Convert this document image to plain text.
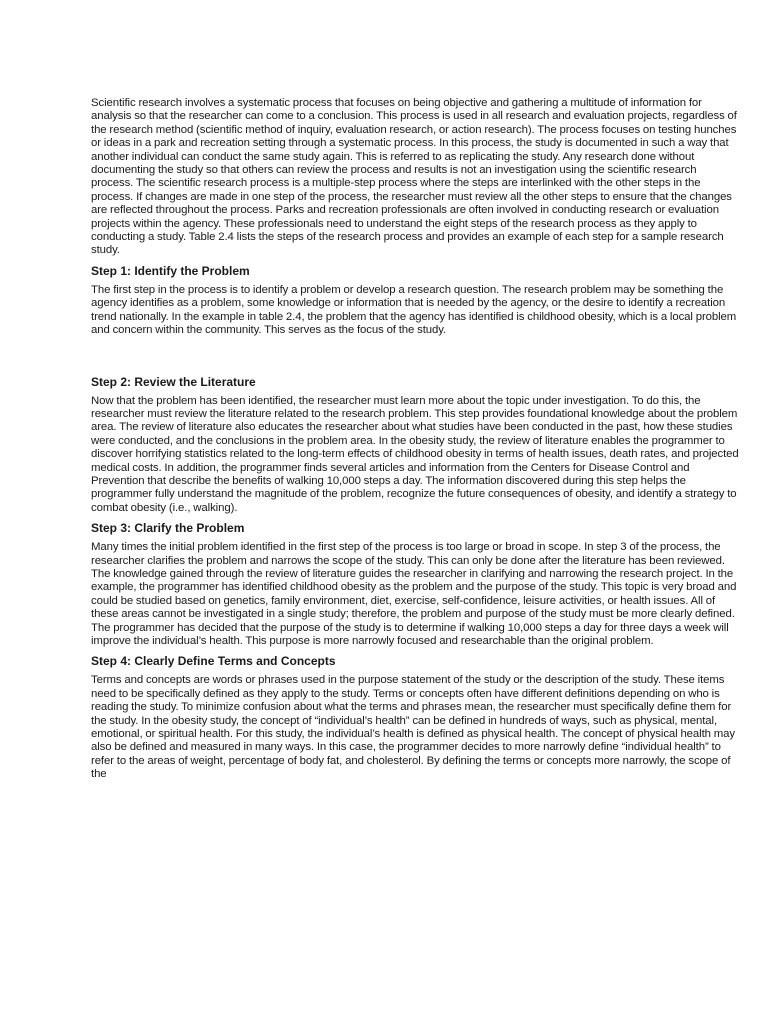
Scientific research involves a systematic process that focuses on being objective and gathering a multitude of information for analysis so that the researcher can come to a conclusion. This process is used in all research and evaluation projects, regardless of the research method (scientific method of inquiry, evaluation research, or action research). The process focuses on testing hunches or ideas in a park and recreation setting through a systematic process. In this process, the study is documented in such a way that another individual can conduct the same study again. This is referred to as replicating the study. Any research done without documenting the study so that others can review the process and results is not an investigation using the scientific research process. The scientific research process is a multiple-step process where the steps are interlinked with the other steps in the process. If changes are made in one step of the process, the researcher must review all the other steps to ensure that the changes are reflected throughout the process. Parks and recreation professionals are often involved in conducting research or evaluation projects within the agency. These professionals need to understand the eight steps of the research process as they apply to conducting a study. Table 2.4 lists the steps of the research process and provides an example of each step for a sample research study.

Step 1: Identify the Problem

The first step in the process is to identify a problem or develop a research question. The research problem may be something the agency identifies as a problem, some knowledge or information that is needed by the agency, or the desire to identify a recreation trend nationally. In the example in table 2.4, the problem that the agency has identified is childhood obesity, which is a local problem and concern within the community. This serves as the focus of the study.

Step 2: Review the Literature

Now that the problem has been identified, the researcher must learn more about the topic under investigation. To do this, the researcher must review the literature related to the research problem. This step provides foundational knowledge about the problem area. The review of literature also educates the researcher about what studies have been conducted in the past, how these studies were conducted, and the conclusions in the problem area. In the obesity study, the review of literature enables the programmer to discover horrifying statistics related to the long-term effects of childhood obesity in terms of health issues, death rates, and projected medical costs. In addition, the programmer finds several articles and information from the Centers for Disease Control and Prevention that describe the benefits of walking 10,000 steps a day. The information discovered during this step helps the programmer fully understand the magnitude of the problem, recognize the future consequences of obesity, and identify a strategy to combat obesity (i.e., walking).

Step 3: Clarify the Problem

Many times the initial problem identified in the first step of the process is too large or broad in scope. In step 3 of the process, the researcher clarifies the problem and narrows the scope of the study. This can only be done after the literature has been reviewed. The knowledge gained through the review of literature guides the researcher in clarifying and narrowing the research project. In the example, the programmer has identified childhood obesity as the problem and the purpose of the study. This topic is very broad and could be studied based on genetics, family environment, diet, exercise, self-confidence, leisure activities, or health issues. All of these areas cannot be investigated in a single study; therefore, the problem and purpose of the study must be more clearly defined. The programmer has decided that the purpose of the study is to determine if walking 10,000 steps a day for three days a week will improve the individual’s health. This purpose is more narrowly focused and researchable than the original problem.

Step 4: Clearly Define Terms and Concepts

Terms and concepts are words or phrases used in the purpose statement of the study or the description of the study. These items need to be specifically defined as they apply to the study. Terms or concepts often have different definitions depending on who is reading the study. To minimize confusion about what the terms and phrases mean, the researcher must specifically define them for the study. In the obesity study, the concept of “individual’s health” can be defined in hundreds of ways, such as physical, mental, emotional, or spiritual health. For this study, the individual’s health is defined as physical health. The concept of physical health may also be defined and measured in many ways. In this case, the programmer decides to more narrowly define “individual health” to refer to the areas of weight, percentage of body fat, and cholesterol. By defining the terms or concepts more narrowly, the scope of the
